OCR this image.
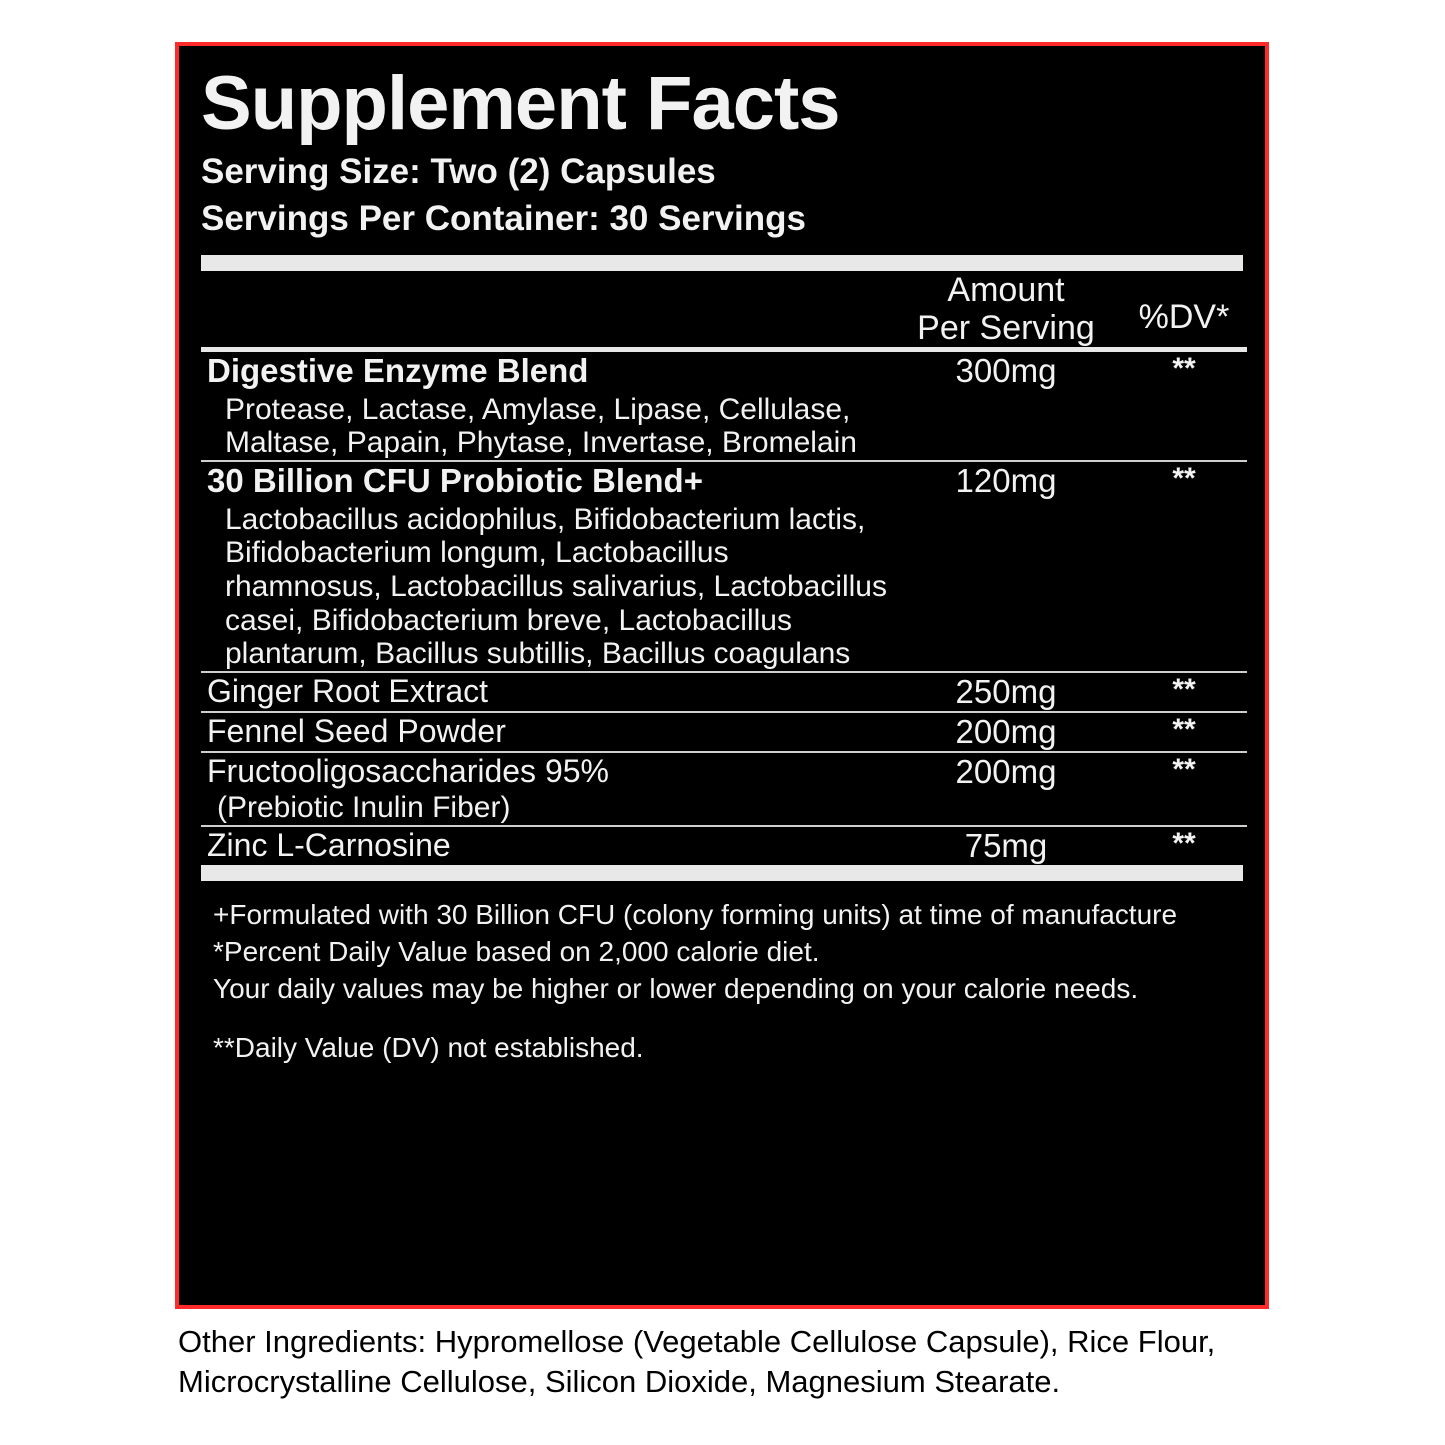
Supplement Facts
Serving Size: Two (2) Capsules
Servings Per Container: 30 Servings

	Amount
Per Serving	%DV*
Digestive Enzyme Blend
Protease, Lactase, Amylase, Lipase, Cellulase, Maltase, Papain, Phytase, Invertase, Bromelain	300mg	**
30 Billion CFU Probiotic Blend+
Lactobacillus acidophilus, Bifidobacterium lactis, Bifidobacterium longum, Lactobacillus rhamnosus, Lactobacillus salivarius, Lactobacillus casei, Bifidobacterium breve, Lactobacillus plantarum, Bacillus subtillis, Bacillus coagulans	120mg	**
Ginger Root Extract	250mg	**
Fennel Seed Powder	200mg	**
Fructooligosaccharides 95%
(Prebiotic Inulin Fiber)	200mg	**
Zinc L-Carnosine	75mg	**

+Formulated with 30 Billion CFU (colony forming units) at time of manufacture

*Percent Daily Value based on 2,000 calorie diet.

Your daily values may be higher or lower depending on your calorie needs.

**Daily Value (DV) not established.

Other Ingredients: Hypromellose (Vegetable Cellulose Capsule), Rice Flour, Microcrystalline Cellulose, Silicon Dioxide, Magnesium Stearate.
